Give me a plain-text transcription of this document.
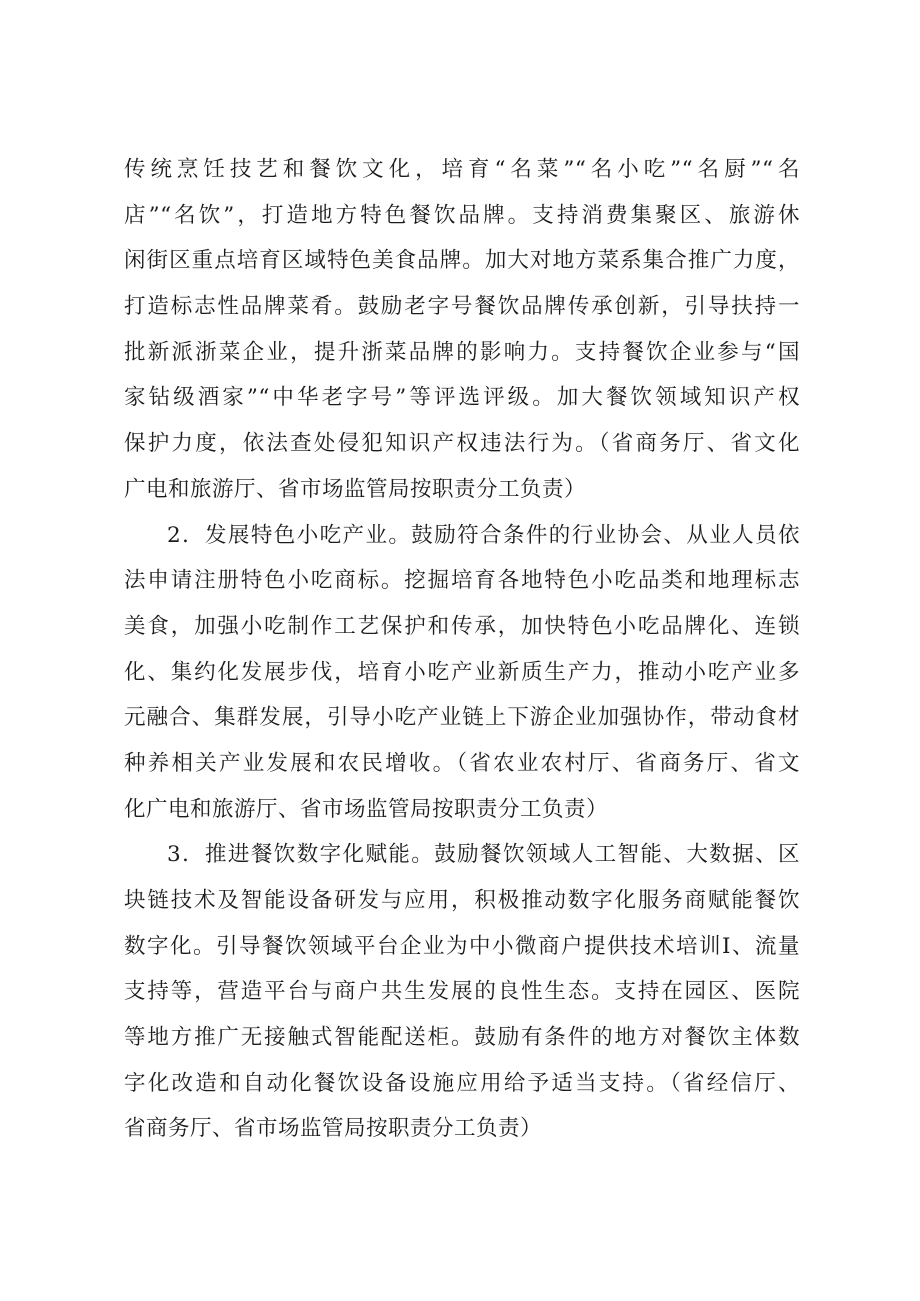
传统烹饪技艺和餐饮文化，培育“名菜”“名小吃”“名厨”“名
店”“名饮”，打造地方特色餐饮品牌。支持消费集聚区、旅游休
闲街区重点培育区域特色美食品牌。加大对地方菜系集合推广力度，
打造标志性品牌菜肴。鼓励老字号餐饮品牌传承创新，引导扶持一
批新派浙菜企业，提升浙菜品牌的影响力。支持餐饮企业参与“国
家钻级酒家”“中华老字号”等评选评级。加大餐饮领域知识产权
保护力度，依法查处侵犯知识产权违法行为。（省商务厅、省文化
广电和旅游厅、省市场监管局按职责分工负责）
2．发展特色小吃产业。鼓励符合条件的行业协会、从业人员依
法申请注册特色小吃商标。挖掘培育各地特色小吃品类和地理标志
美食，加强小吃制作工艺保护和传承，加快特色小吃品牌化、连锁
化、集约化发展步伐，培育小吃产业新质生产力，推动小吃产业多
元融合、集群发展，引导小吃产业链上下游企业加强协作，带动食材
种养相关产业发展和农民增收。（省农业农村厅、省商务厅、省文
化广电和旅游厅、省市场监管局按职责分工负责）
3．推进餐饮数字化赋能。鼓励餐饮领域人工智能、大数据、区
块链技术及智能设备研发与应用，积极推动数字化服务商赋能餐饮
数字化。引导餐饮领域平台企业为中小微商户提供技术培训I、流量
支持等，营造平台与商户共生发展的良性生态。支持在园区、医院
等地方推广无接触式智能配送柜。鼓励有条件的地方对餐饮主体数
字化改造和自动化餐饮设备设施应用给予适当支持。（省经信厅、
省商务厅、省市场监管局按职责分工负责）
